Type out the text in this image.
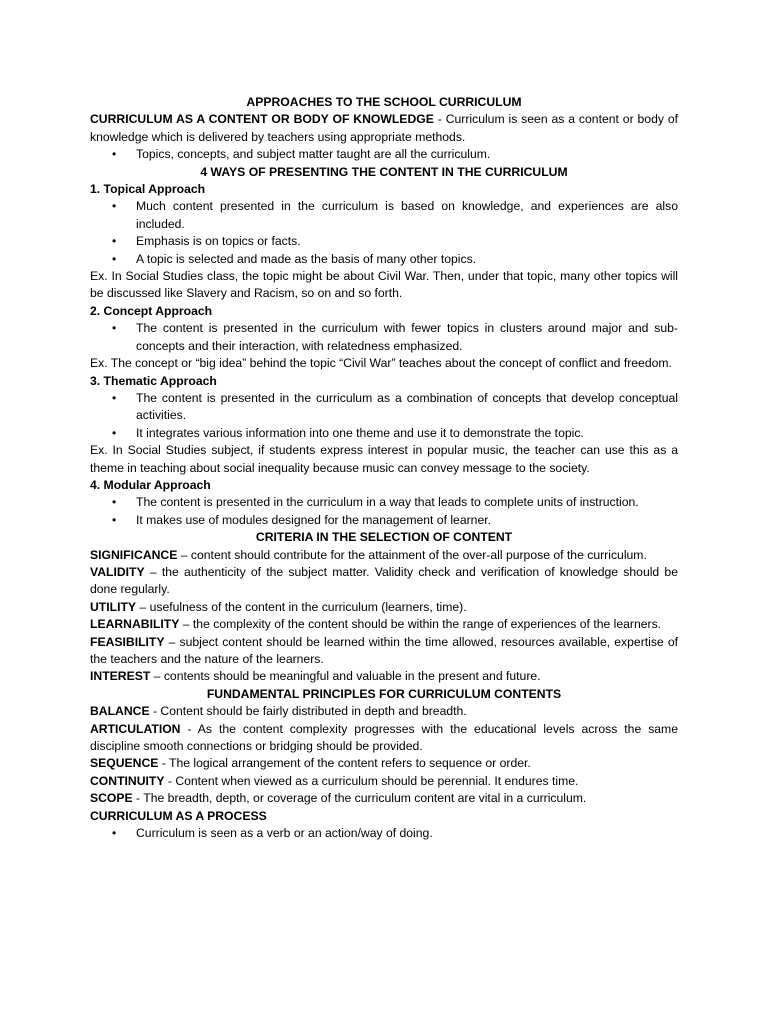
APPROACHES TO THE SCHOOL CURRICULUM

CURRICULUM AS A CONTENT OR BODY OF KNOWLEDGE - Curriculum is seen as a content or body of knowledge which is delivered by teachers using appropriate methods.

• Topics, concepts, and subject matter taught are all the curriculum.

4 WAYS OF PRESENTING THE CONTENT IN THE CURRICULUM

1. Topical Approach

• Much content presented in the curriculum is based on knowledge, and experiences are also included.
• Emphasis is on topics or facts.
• A topic is selected and made as the basis of many other topics.

Ex. In Social Studies class, the topic might be about Civil War. Then, under that topic, many other topics will be discussed like Slavery and Racism, so on and so forth.

2. Concept Approach

• The content is presented in the curriculum with fewer topics in clusters around major and sub-concepts and their interaction, with relatedness emphasized.

Ex. The concept or “big idea” behind the topic “Civil War” teaches about the concept of conflict and freedom.

3. Thematic Approach

• The content is presented in the curriculum as a combination of concepts that develop conceptual activities.
• It integrates various information into one theme and use it to demonstrate the topic.

Ex. In Social Studies subject, if students express interest in popular music, the teacher can use this as a theme in teaching about social inequality because music can convey message to the society.

4. Modular Approach

• The content is presented in the curriculum in a way that leads to complete units of instruction.
• It makes use of modules designed for the management of learner.

CRITERIA IN THE SELECTION OF CONTENT

SIGNIFICANCE – content should contribute for the attainment of the over-all purpose of the curriculum.

VALIDITY – the authenticity of the subject matter. Validity check and verification of knowledge should be done regularly.

UTILITY – usefulness of the content in the curriculum (learners, time).

LEARNABILITY – the complexity of the content should be within the range of experiences of the learners.

FEASIBILITY – subject content should be learned within the time allowed, resources available, expertise of the teachers and the nature of the learners.

INTEREST – contents should be meaningful and valuable in the present and future.

FUNDAMENTAL PRINCIPLES FOR CURRICULUM CONTENTS

BALANCE - Content should be fairly distributed in depth and breadth.

ARTICULATION - As the content complexity progresses with the educational levels across the same discipline smooth connections or bridging should be provided.

SEQUENCE - The logical arrangement of the content refers to sequence or order.

CONTINUITY - Content when viewed as a curriculum should be perennial. It endures time.

SCOPE - The breadth, depth, or coverage of the curriculum content are vital in a curriculum.

CURRICULUM AS A PROCESS

• Curriculum is seen as a verb or an action/way of doing.
